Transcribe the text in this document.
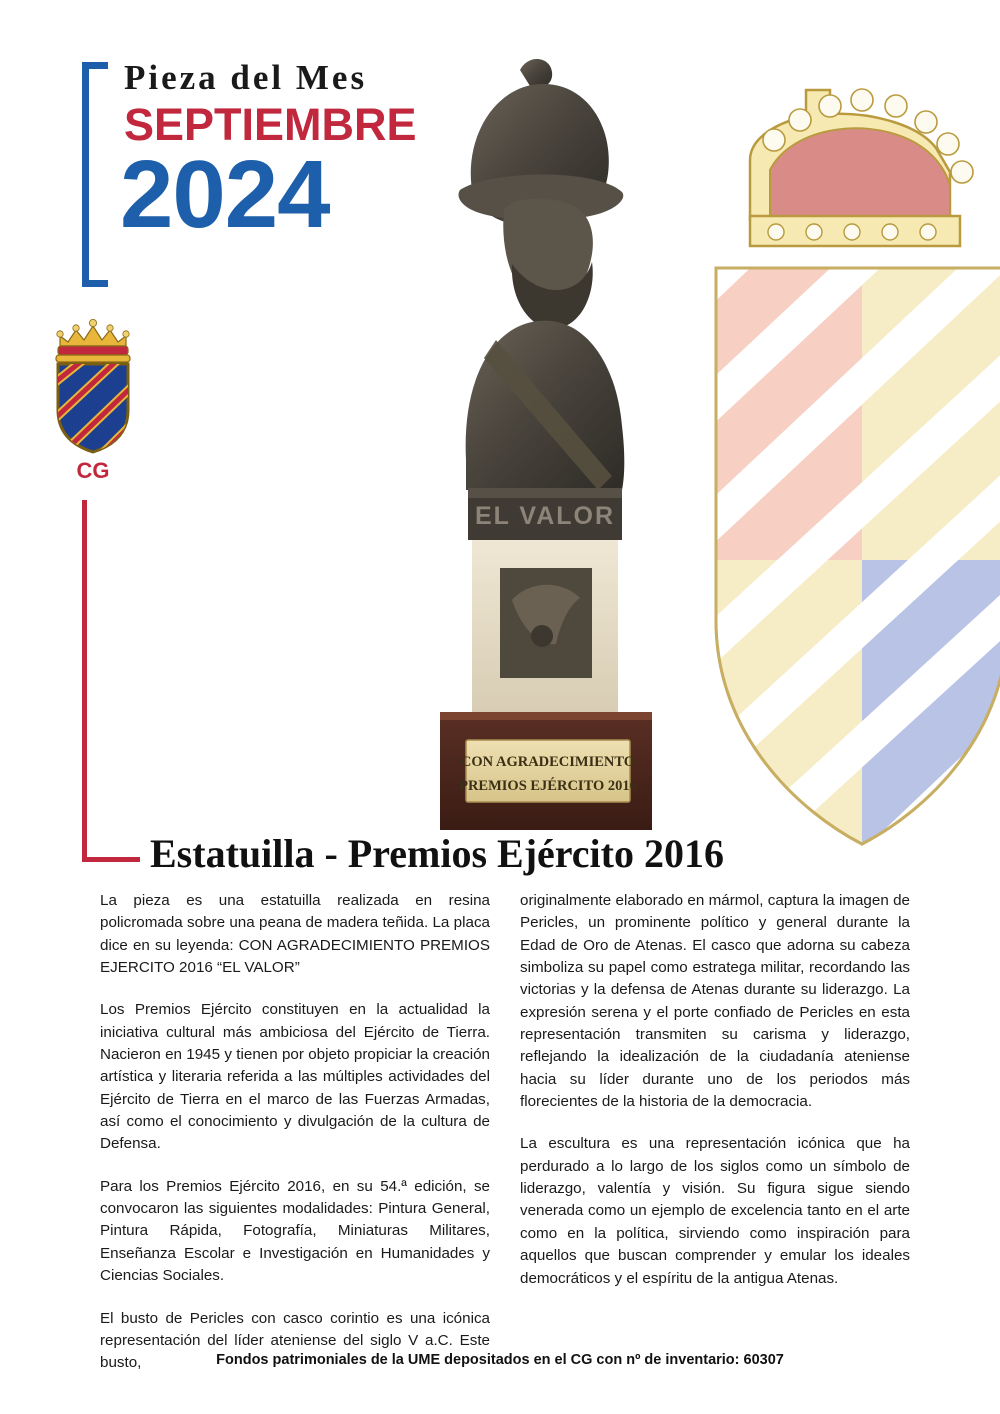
Pieza del Mes
SEPTIEMBRE
2024
CG
EL VALOR
CON AGRADECIMIENTO
PREMIOS EJÉRCITO 2016
Estatuilla - Premios Ejército 2016

La pieza es una estatuilla realizada en resina policromada sobre una peana de madera teñida. La placa dice en su leyenda: CON AGRADECIMIENTO PREMIOS EJERCITO 2016 “EL VALOR”

Los Premios Ejército constituyen en la actualidad la iniciativa cultural más ambiciosa del Ejército de Tierra. Nacieron en 1945 y tienen por objeto propiciar la creación artística y literaria referida a las múltiples actividades del Ejército de Tierra en el marco de las Fuerzas Armadas, así como el conocimiento y divulgación de la cultura de Defensa.

Para los Premios Ejército 2016, en su 54.ª edición, se convocaron las siguientes modalidades: Pintura General, Pintura Rápida, Fotografía, Miniaturas Militares, Enseñanza Escolar e Investigación en Humanidades y Ciencias Sociales.

El busto de Pericles con casco corintio es una icónica representación del líder ateniense del siglo V a.C. Este busto,

originalmente elaborado en mármol, captura la imagen de Pericles, un prominente político y general durante la Edad de Oro de Atenas. El casco que adorna su cabeza simboliza su papel como estratega militar, recordando las victorias y la defensa de Atenas durante su liderazgo. La expresión serena y el porte confiado de Pericles en esta representación transmiten su carisma y liderazgo, reflejando la idealización de la ciudadanía ateniense hacia su líder durante uno de los periodos más florecientes de la historia de la democracia.

La escultura es una representación icónica que ha perdurado a lo largo de los siglos como un símbolo de liderazgo, valentía y visión. Su figura sigue siendo venerada como un ejemplo de excelencia tanto en el arte como en la política, sirviendo como inspiración para aquellos que buscan comprender y emular los ideales democráticos y el espíritu de la antigua Atenas.

Fondos patrimoniales de la UME depositados en el CG con nº de inventario: 60307
